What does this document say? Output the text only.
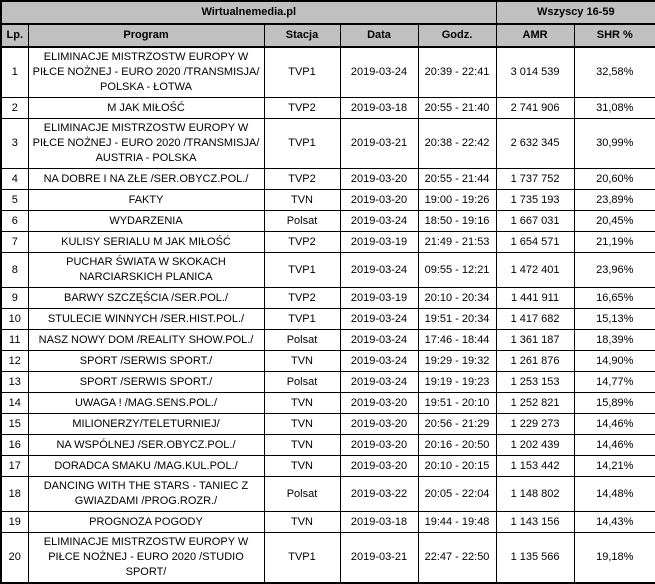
Wirtualnemedia.pl					Wszyscy 16-59	
Lp.	Program	Stacja	Data	Godz.	AMR	SHR %
1	ELIMINACJE MISTRZOSTW EUROPY W PIŁCE NOŻNEJ - EURO 2020 /TRANSMISJA/ POLSKA - ŁOTWA	TVP1	2019-03-24	20:39 - 22:41	3 014 539	32,58%
2	M JAK MIŁOŚĆ	TVP2	2019-03-18	20:55 - 21:40	2 741 906	31,08%
3	ELIMINACJE MISTRZOSTW EUROPY W PIŁCE NOŻNEJ - EURO 2020 /TRANSMISJA/ AUSTRIA - POLSKA	TVP1	2019-03-21	20:38 - 22:42	2 632 345	30,99%
4	NA DOBRE I NA ZŁE /SER.OBYCZ.POL./	TVP2	2019-03-20	20:55 - 21:44	1 737 752	20,60%
5	FAKTY	TVN	2019-03-20	19:00 - 19:26	1 735 193	23,89%
6	WYDARZENIA	Polsat	2019-03-24	18:50 - 19:16	1 667 031	20,45%
7	KULISY SERIALU M JAK MIŁOŚĆ	TVP2	2019-03-19	21:49 - 21:53	1 654 571	21,19%
8	PUCHAR ŚWIATA W SKOKACH NARCIARSKICH PLANICA	TVP1	2019-03-24	09:55 - 12:21	1 472 401	23,96%
9	BARWY SZCZĘŚCIA /SER.POL./	TVP2	2019-03-19	20:10 - 20:34	1 441 911	16,65%
10	STULECIE WINNYCH /SER.HIST.POL./	TVP1	2019-03-24	19:51 - 20:34	1 417 682	15,13%
11	NASZ NOWY DOM /REALITY SHOW.POL./	Polsat	2019-03-24	17:46 - 18:44	1 361 187	18,39%
12	SPORT /SERWIS SPORT./	TVN	2019-03-24	19:29 - 19:32	1 261 876	14,90%
13	SPORT /SERWIS SPORT./	Polsat	2019-03-24	19:19 - 19:23	1 253 153	14,77%
14	UWAGA ! /MAG.SENS.POL./	TVN	2019-03-20	19:51 - 20:10	1 252 821	15,89%
15	MILIONERZY/TELETURNIEJ/	TVN	2019-03-20	20:56 - 21:29	1 229 273	14,46%
16	NA WSPÓLNEJ /SER.OBYCZ.POL./	TVN	2019-03-20	20:16 - 20:50	1 202 439	14,46%
17	DORADCA SMAKU /MAG.KUL.POL./	TVN	2019-03-20	20:10 - 20:15	1 153 442	14,21%
18	DANCING WITH THE STARS - TANIEC Z GWIAZDAMI /PROG.ROZR./	Polsat	2019-03-22	20:05 - 22:04	1 148 802	14,48%
19	PROGNOZA POGODY	TVN	2019-03-18	19:44 - 19:48	1 143 156	14,43%
20	ELIMINACJE MISTRZOSTW EUROPY W PIŁCE NOŻNEJ - EURO 2020 /STUDIO SPORT/	TVP1	2019-03-21	22:47 - 22:50	1 135 566	19,18%
